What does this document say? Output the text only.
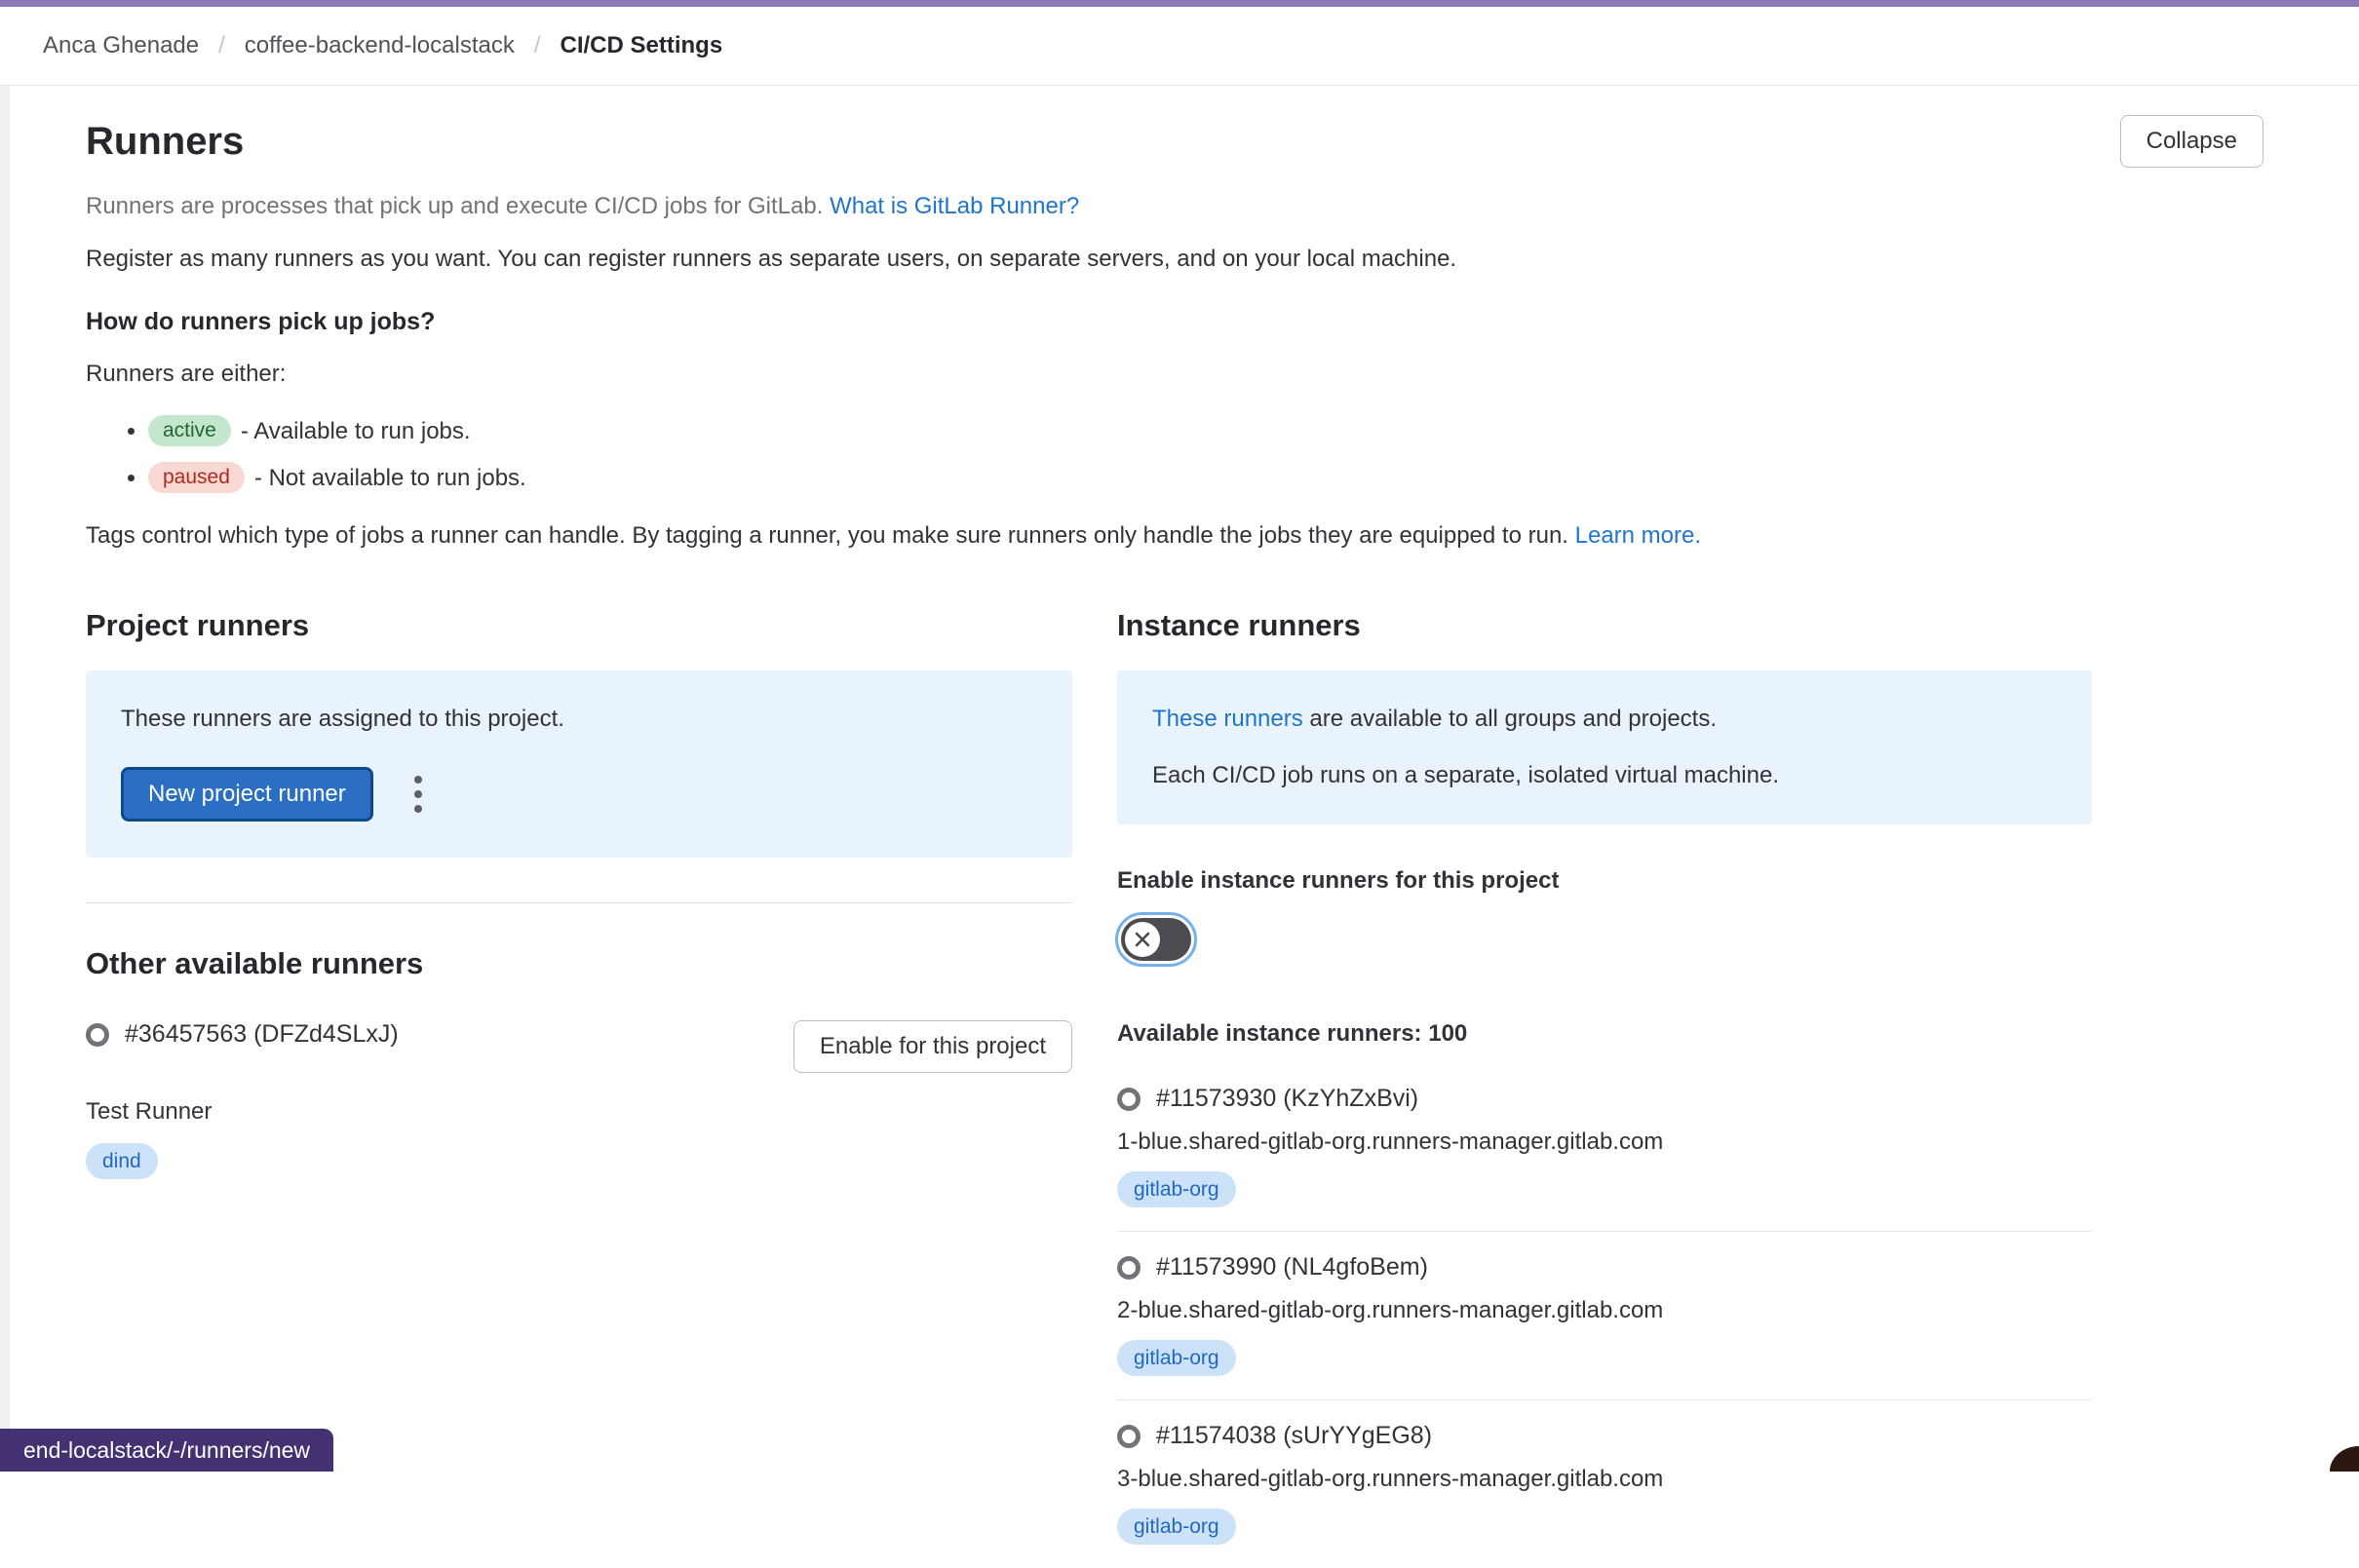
Anca Ghenade / coffee-backend-localstack / CI/CD Settings
Runners	Collapse

Runners are processes that pick up and execute CI/CD jobs for GitLab. What is GitLab Runner?

Register as many runners as you want. You can register runners as separate users, on separate servers, and on your local machine.

How do runners pick up jobs?

Runners are either:

• active - Available to run jobs.
• paused - Not available to run jobs.

Tags control which type of jobs a runner can handle. By tagging a runner, you make sure runners only handle the jobs they are equipped to run. Learn more.

Project runners

These runners are assigned to this project.

New project runner
Other available runners
#36457563 (DFZd4SLxJ)	Enable for this project
Test Runner
dind
Instance runners

These runners are available to all groups and projects.

Each CI/CD job runs on a separate, isolated virtual machine.

Enable instance runners for this project
Available instance runners: 100
#11573930 (KzYhZxBvi)
1-blue.shared-gitlab-org.runners-manager.gitlab.com
gitlab-org
#11573990 (NL4gfoBem)
2-blue.shared-gitlab-org.runners-manager.gitlab.com
gitlab-org
#11574038 (sUrYYgEG8)
3-blue.shared-gitlab-org.runners-manager.gitlab.com
gitlab-org
end-localstack/-/runners/new
